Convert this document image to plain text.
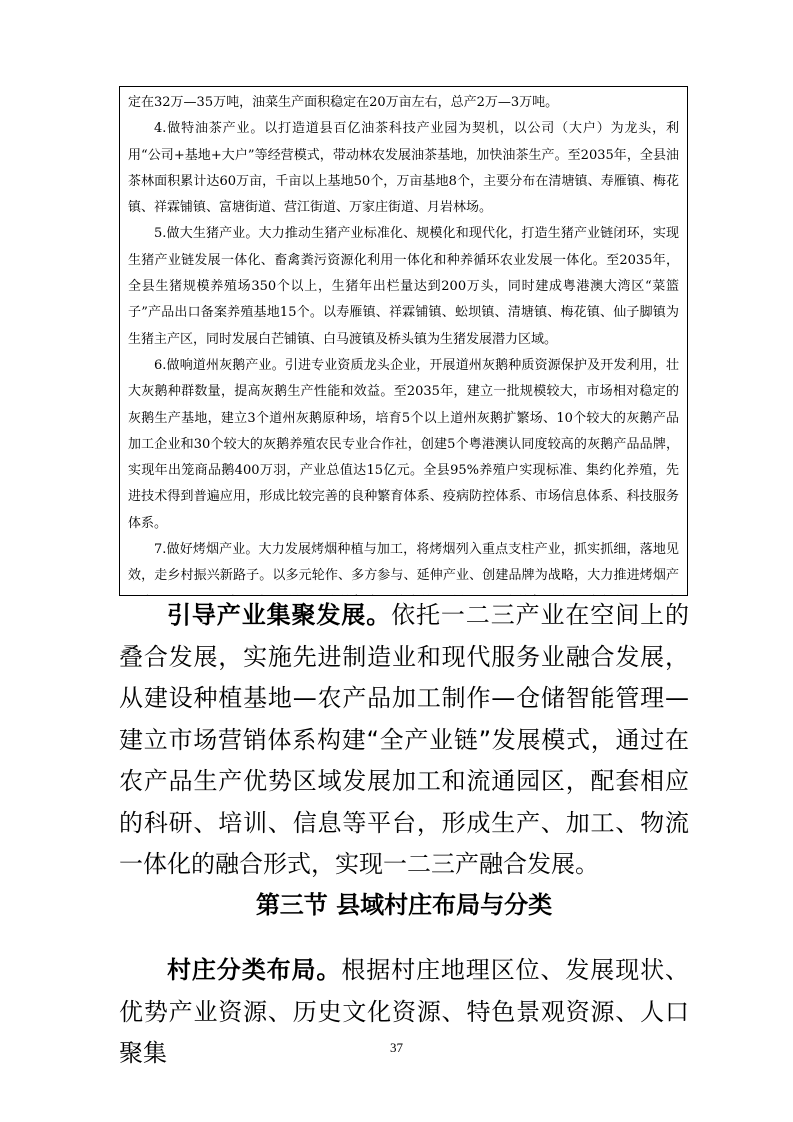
定在32万—35万吨，油菜生产面积稳定在20万亩左右，总产2万—3万吨。

4.做特油茶产业。以打造道县百亿油茶科技产业园为契机，以公司（大户）为龙头，利用“公司+基地+大户”等经营模式，带动林农发展油茶基地，加快油茶生产。至2035年，全县油茶林面积累计达60万亩，千亩以上基地50个，万亩基地8个，主要分布在清塘镇、寿雁镇、梅花镇、祥霖铺镇、富塘街道、营江街道、万家庄街道、月岩林场。

5.做大生猪产业。大力推动生猪产业标准化、规模化和现代化，打造生猪产业链闭环，实现生猪产业链发展一体化、畜禽粪污资源化利用一体化和种养循环农业发展一体化。至2035年，全县生猪规模养殖场350个以上，生猪年出栏量达到200万头，同时建成粤港澳大湾区“菜篮子”产品出口备案养殖基地15个。以寿雁镇、祥霖铺镇、蚣坝镇、清塘镇、梅花镇、仙子脚镇为生猪主产区，同时发展白芒铺镇、白马渡镇及桥头镇为生猪发展潜力区域。

6.做响道州灰鹅产业。引进专业资质龙头企业，开展道州灰鹅种质资源保护及开发利用，壮大灰鹅种群数量，提高灰鹅生产性能和效益。至2035年，建立一批规模较大，市场相对稳定的灰鹅生产基地，建立3个道州灰鹅原种场，培育5个以上道州灰鹅扩繁场、10个较大的灰鹅产品加工企业和30个较大的灰鹅养殖农民专业合作社，创建5个粤港澳认同度较高的灰鹅产品品牌，实现年出笼商品鹅400万羽，产业总值达15亿元。全县95%养殖户实现标准、集约化养殖，先进技术得到普遍应用，形成比较完善的良种繁育体系、疫病防控体系、市场信息体系、科技服务体系。

7.做好烤烟产业。大力发展烤烟种植与加工，将烤烟列入重点支柱产业，抓实抓细，落地见效，走乡村振兴新路子。以多元轮作、多方参与、延伸产业、创建品牌为战略，大力推进烤烟产

引导产业集聚发展。依托一二三产业在空间上的叠合发展，实施先进制造业和现代服务业融合发展，从建设种植基地—农产品加工制作—仓储智能管理—建立市场营销体系构建“全产业链”发展模式，通过在农产品生产优势区域发展加工和流通园区，配套相应的科研、培训、信息等平台，形成生产、加工、物流一体化的融合形式，实现一二三产融合发展。
第三节 县域村庄布局与分类
村庄分类布局。根据村庄地理区位、发展现状、优势产业资源、历史文化资源、特色景观资源、人口聚集	37
